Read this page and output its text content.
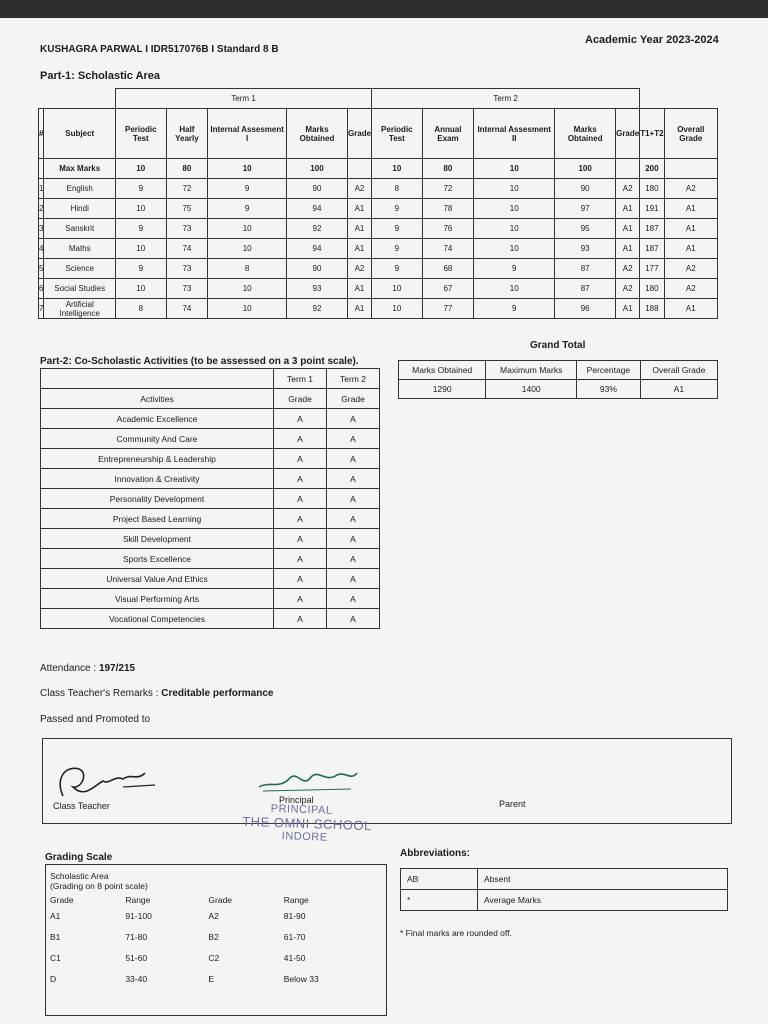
Academic Year 2023-2024
KUSHAGRA PARWAL I IDR517076B I Standard 8 B
Part-1: Scholastic Area
		Term 1					Term 2						
#	Subject	Periodic Test	Half Yearly	Internal Assesment I	Marks Obtained	Grade	Periodic Test	Annual Exam	Internal Assesment II	Marks Obtained	Grade	T1+T2	Overall Grade
	Max Marks	10	80	10	100		10	80	10	100		200	
1	English	9	72	9	90	A2	8	72	10	90	A2	180	A2
2	Hindi	10	75	9	94	A1	9	78	10	97	A1	191	A1
3	Sanskrit	9	73	10	92	A1	9	76	10	95	A1	187	A1
4	Maths	10	74	10	94	A1	9	74	10	93	A1	187	A1
5	Science	9	73	8	90	A2	9	68	9	87	A2	177	A2
6	Social Studies	10	73	10	93	A1	10	67	10	87	A2	180	A2
7	Artificial Intelligence	8	74	10	92	A1	10	77	9	96	A1	188	A1
Part-2: Co-Scholastic Activities (to be assessed on a 3 point scale).
	Term 1	Term 2
Activities	Grade	Grade
Academic Excellence	A	A
Community And Care	A	A
Entrepreneurship & Leadership	A	A
Innovation & Creativity	A	A
Personality Development	A	A
Project Based Learning	A	A
Skill Development	A	A
Sports Excellence	A	A
Universal Value And Ethics	A	A
Visual Performing Arts	A	A
Vocational Competencies	A	A
Grand Total
Marks Obtained	Maximum Marks	Percentage	Overall Grade
1290	1400	93%	A1
Attendance : 197/215
Class Teacher's Remarks : Creditable performance
Passed and Promoted to
Class Teacher
Principal	Parent
PRINCIPAL
THE OMNI SCHOOL
INDORE
Grading Scale
Scholastic Area
(Grading on 8 point scale)
Grade	Range	Grade	Range
A1	91-100	A2	81-90
B1	71-80	B2	61-70
C1	51-60	C2	41-50
D	33-40	E	Below 33
Abbreviations:
AB	Absent
*	Average Marks
* Final marks are rounded off.
